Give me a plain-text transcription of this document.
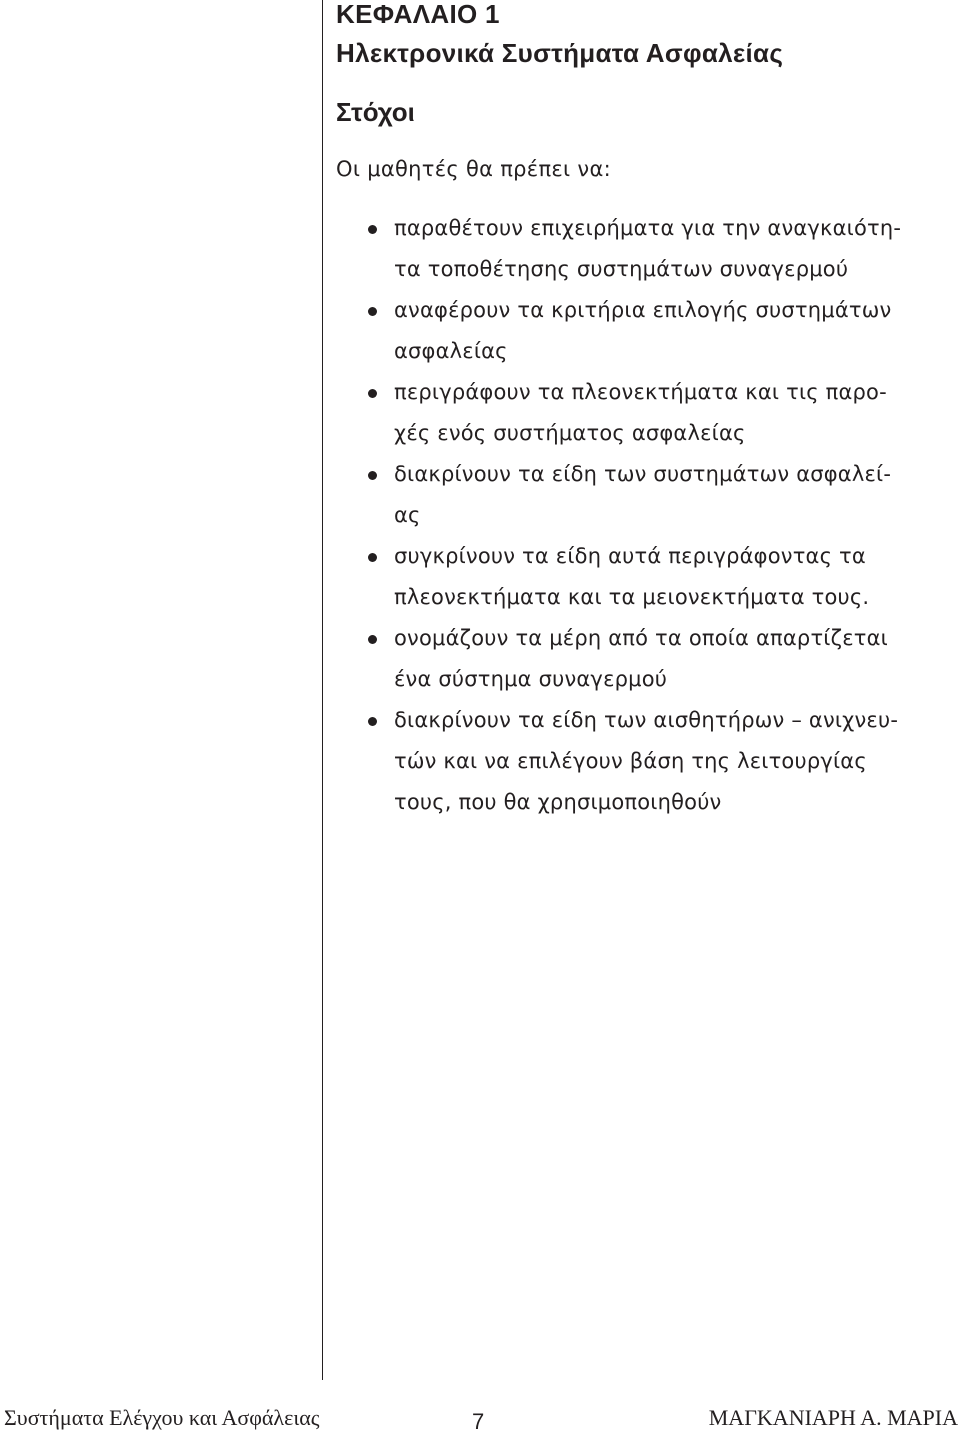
ΚΕΦΑΛΑΙΟ 1
Ηλεκτρονικά Συστήματα Ασφαλείας
Στόχοι
Οι μαθητές θα πρέπει να:
παραθέτουν επιχειρήματα για την αναγκαιότη-
τα τοποθέτησης συστημάτων συναγερμού
αναφέρουν τα κριτήρια επιλογής συστημάτων
ασφαλείας
περιγράφουν τα πλεονεκτήματα και τις παρο-
χές ενός συστήματος ασφαλείας
διακρίνουν τα είδη των συστημάτων ασφαλεί-
ας
συγκρίνουν τα είδη αυτά περιγράφοντας τα
πλεονεκτήματα και τα μειονεκτήματα τους.
ονομάζουν τα μέρη από τα οποία απαρτίζεται
ένα σύστημα συναγερμού
διακρίνουν τα είδη των αισθητήρων – ανιχνευ-
τών και να επιλέγουν βάση της λειτουργίας
τους, που θα χρησιμοποιηθούν
Συστήματα Ελέγχου και Ασφάλειας	7	ΜΑΓΚΑΝΙΑΡΗ Α. ΜΑΡΙΑ
